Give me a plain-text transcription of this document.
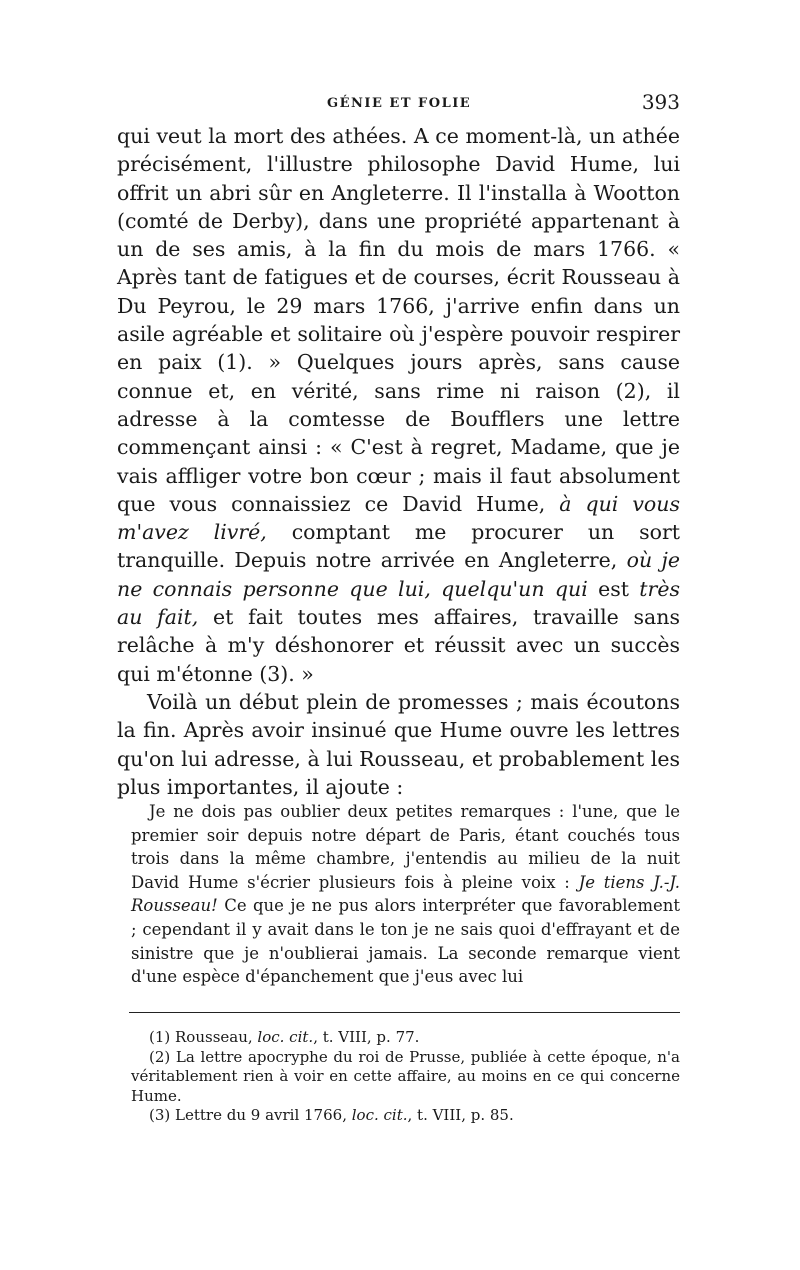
GÉNIE ET FOLIE	393

qui veut la mort des athées. A ce moment-là, un athée précisément, l'illustre philosophe David Hume, lui offrit un abri sûr en Angleterre. Il l'installa à Wootton (comté de Derby), dans une propriété appartenant à un de ses amis, à la fin du mois de mars 1766. « Après tant de fatigues et de courses, écrit Rousseau à Du Peyrou, le 29 mars 1766, j'arrive enfin dans un asile agréable et solitaire où j'espère pouvoir respirer en paix (1). » Quelques jours après, sans cause connue et, en vérité, sans rime ni raison (2), il adresse à la comtesse de Boufflers une lettre commençant ainsi : « C'est à regret, Madame, que je vais affliger votre bon cœur ; mais il faut absolument que vous connaissiez ce David Hume, à qui vous m'avez livré, comptant me procurer un sort tranquille. Depuis notre arrivée en Angleterre, où je ne connais personne que lui, quelqu'un qui est très au fait, et fait toutes mes affaires, travaille sans relâche à m'y déshonorer et réussit avec un succès qui m'étonne (3). »

Voilà un début plein de promesses ; mais écoutons la fin. Après avoir insinué que Hume ouvre les lettres qu'on lui adresse, à lui Rousseau, et probablement les plus importantes, il ajoute :

Je ne dois pas oublier deux petites remarques : l'une, que le premier soir depuis notre départ de Paris, étant couchés tous trois dans la même chambre, j'entendis au milieu de la nuit David Hume s'écrier plusieurs fois à pleine voix : Je tiens J.-J. Rousseau! Ce que je ne pus alors interpréter que favorablement ; cependant il y avait dans le ton je ne sais quoi d'effrayant et de sinistre que je n'oublierai jamais. La seconde remarque vient d'une espèce d'épanchement que j'eus avec lui

(1) Rousseau, loc. cit., t. VIII, p. 77.

(2) La lettre apocryphe du roi de Prusse, publiée à cette époque, n'a véritablement rien à voir en cette affaire, au moins en ce qui concerne Hume.

(3) Lettre du 9 avril 1766, loc. cit., t. VIII, p. 85.
